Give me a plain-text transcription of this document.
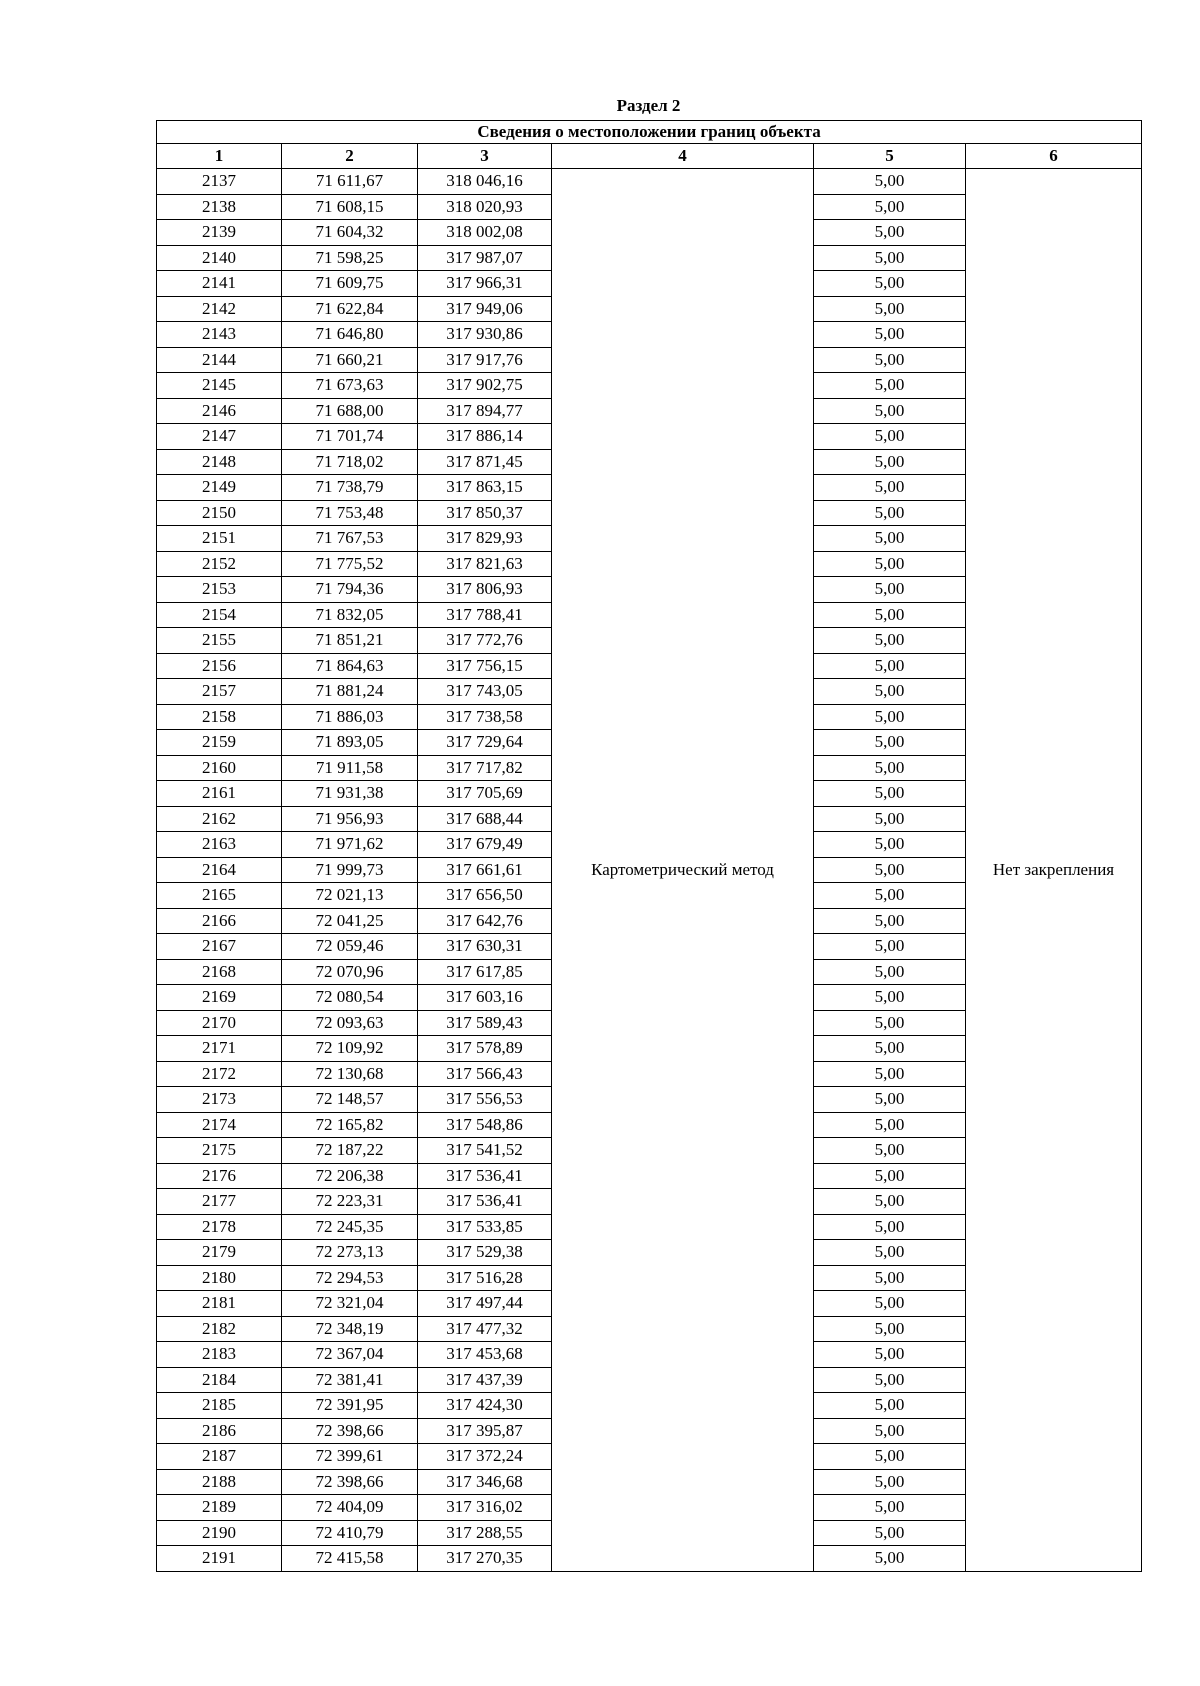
Раздел 2
Сведения о местоположении границ объекта					
1	2	3	4	5	6
2137	71 611,67	318 046,16	Картометрический метод	5,00	Нет закрепления
2138	71 608,15	318 020,93		5,00	
2139	71 604,32	318 002,08		5,00	
2140	71 598,25	317 987,07		5,00	
2141	71 609,75	317 966,31		5,00	
2142	71 622,84	317 949,06		5,00	
2143	71 646,80	317 930,86		5,00	
2144	71 660,21	317 917,76		5,00	
2145	71 673,63	317 902,75		5,00	
2146	71 688,00	317 894,77		5,00	
2147	71 701,74	317 886,14		5,00	
2148	71 718,02	317 871,45		5,00	
2149	71 738,79	317 863,15		5,00	
2150	71 753,48	317 850,37		5,00	
2151	71 767,53	317 829,93		5,00	
2152	71 775,52	317 821,63		5,00	
2153	71 794,36	317 806,93		5,00	
2154	71 832,05	317 788,41		5,00	
2155	71 851,21	317 772,76		5,00	
2156	71 864,63	317 756,15		5,00	
2157	71 881,24	317 743,05		5,00	
2158	71 886,03	317 738,58		5,00	
2159	71 893,05	317 729,64		5,00	
2160	71 911,58	317 717,82		5,00	
2161	71 931,38	317 705,69		5,00	
2162	71 956,93	317 688,44		5,00	
2163	71 971,62	317 679,49		5,00	
2164	71 999,73	317 661,61		5,00	
2165	72 021,13	317 656,50		5,00	
2166	72 041,25	317 642,76		5,00	
2167	72 059,46	317 630,31		5,00	
2168	72 070,96	317 617,85		5,00	
2169	72 080,54	317 603,16		5,00	
2170	72 093,63	317 589,43		5,00	
2171	72 109,92	317 578,89		5,00	
2172	72 130,68	317 566,43		5,00	
2173	72 148,57	317 556,53		5,00	
2174	72 165,82	317 548,86		5,00	
2175	72 187,22	317 541,52		5,00	
2176	72 206,38	317 536,41		5,00	
2177	72 223,31	317 536,41		5,00	
2178	72 245,35	317 533,85		5,00	
2179	72 273,13	317 529,38		5,00	
2180	72 294,53	317 516,28		5,00	
2181	72 321,04	317 497,44		5,00	
2182	72 348,19	317 477,32		5,00	
2183	72 367,04	317 453,68		5,00	
2184	72 381,41	317 437,39		5,00	
2185	72 391,95	317 424,30		5,00	
2186	72 398,66	317 395,87		5,00	
2187	72 399,61	317 372,24		5,00	
2188	72 398,66	317 346,68		5,00	
2189	72 404,09	317 316,02		5,00	
2190	72 410,79	317 288,55		5,00	
2191	72 415,58	317 270,35		5,00	
